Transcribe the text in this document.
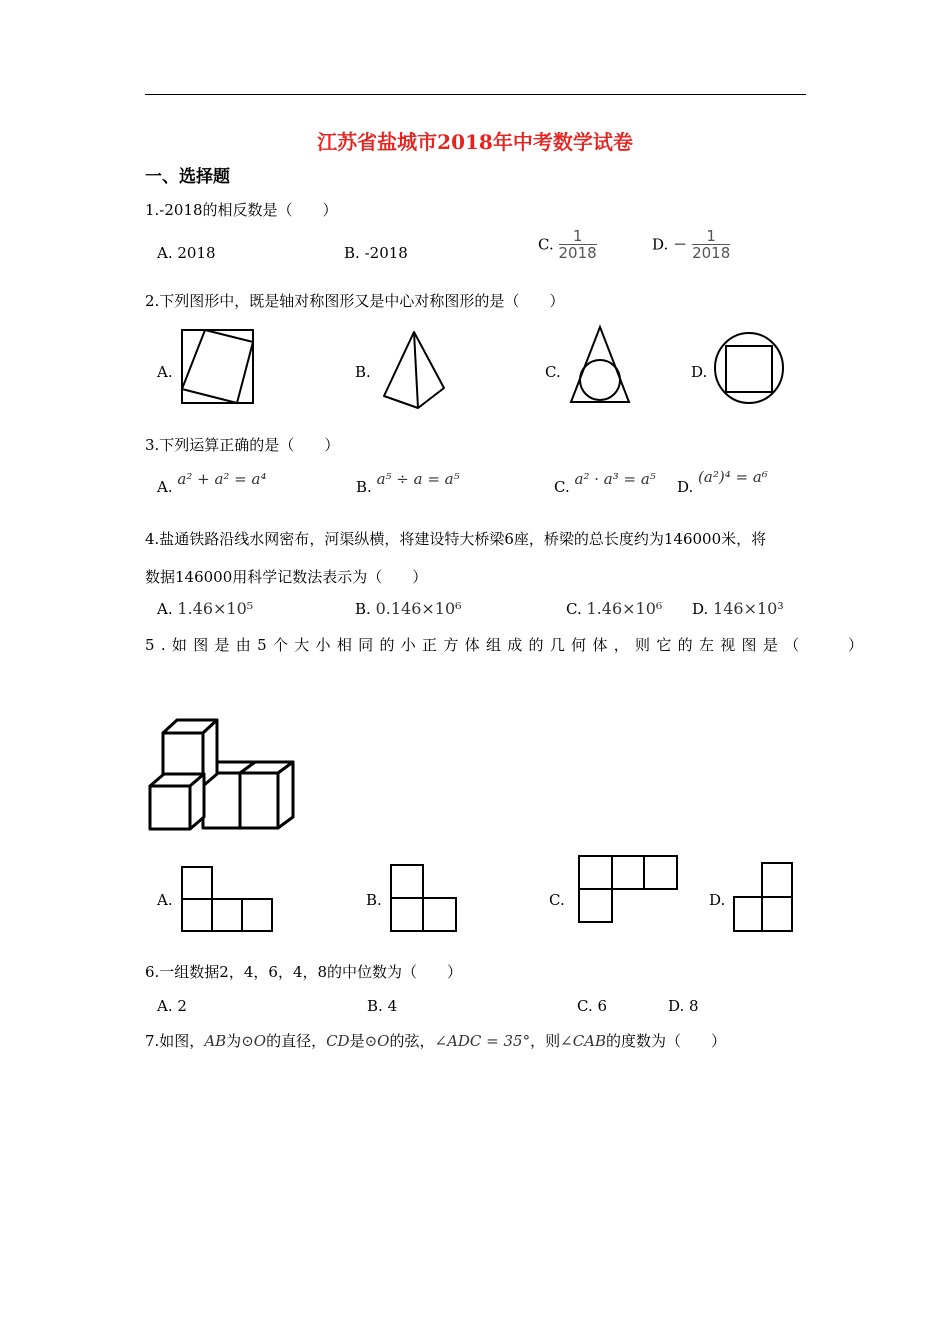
江苏省盐城市2018年中考数学试卷
一、选择题
1.-2018的相反数是（　　）
A. 2018	B. -2018	C. $\frac{1}{2018}$	D. − $\frac{1}{2018}$
2.下列图形中，既是轴对称图形又是中心对称图形的是（　　）
A.	B.	C.	D.
3.下列运算正确的是（　　）
A. a² + a² = a⁴	B. a⁵ ÷ a = a⁵	C. a² · a³ = a⁵ D. (a²)⁴ = a⁶
4.盐通铁路沿线水网密布，河渠纵横，将建设特大桥梁6座，桥梁的总长度约为146000米，将
数据146000用科学记数法表示为（　　）
A. 1.46×10⁵	B. 0.146×10⁶	C. 1.46×10⁶ D. 146×10³
5.如图是由5个大小相同的小正方体组成的几何体，则它的左视图是（　　）
A.	B.	C.	D.
6.一组数据2，4，6，4，8的中位数为（　　）
A. 2	B. 4	C. 6	D. 8
7.如图，AB为⊙O的直径，CD是⊙O的弦，∠ADC = 35°，则∠CAB的度数为（　　）
